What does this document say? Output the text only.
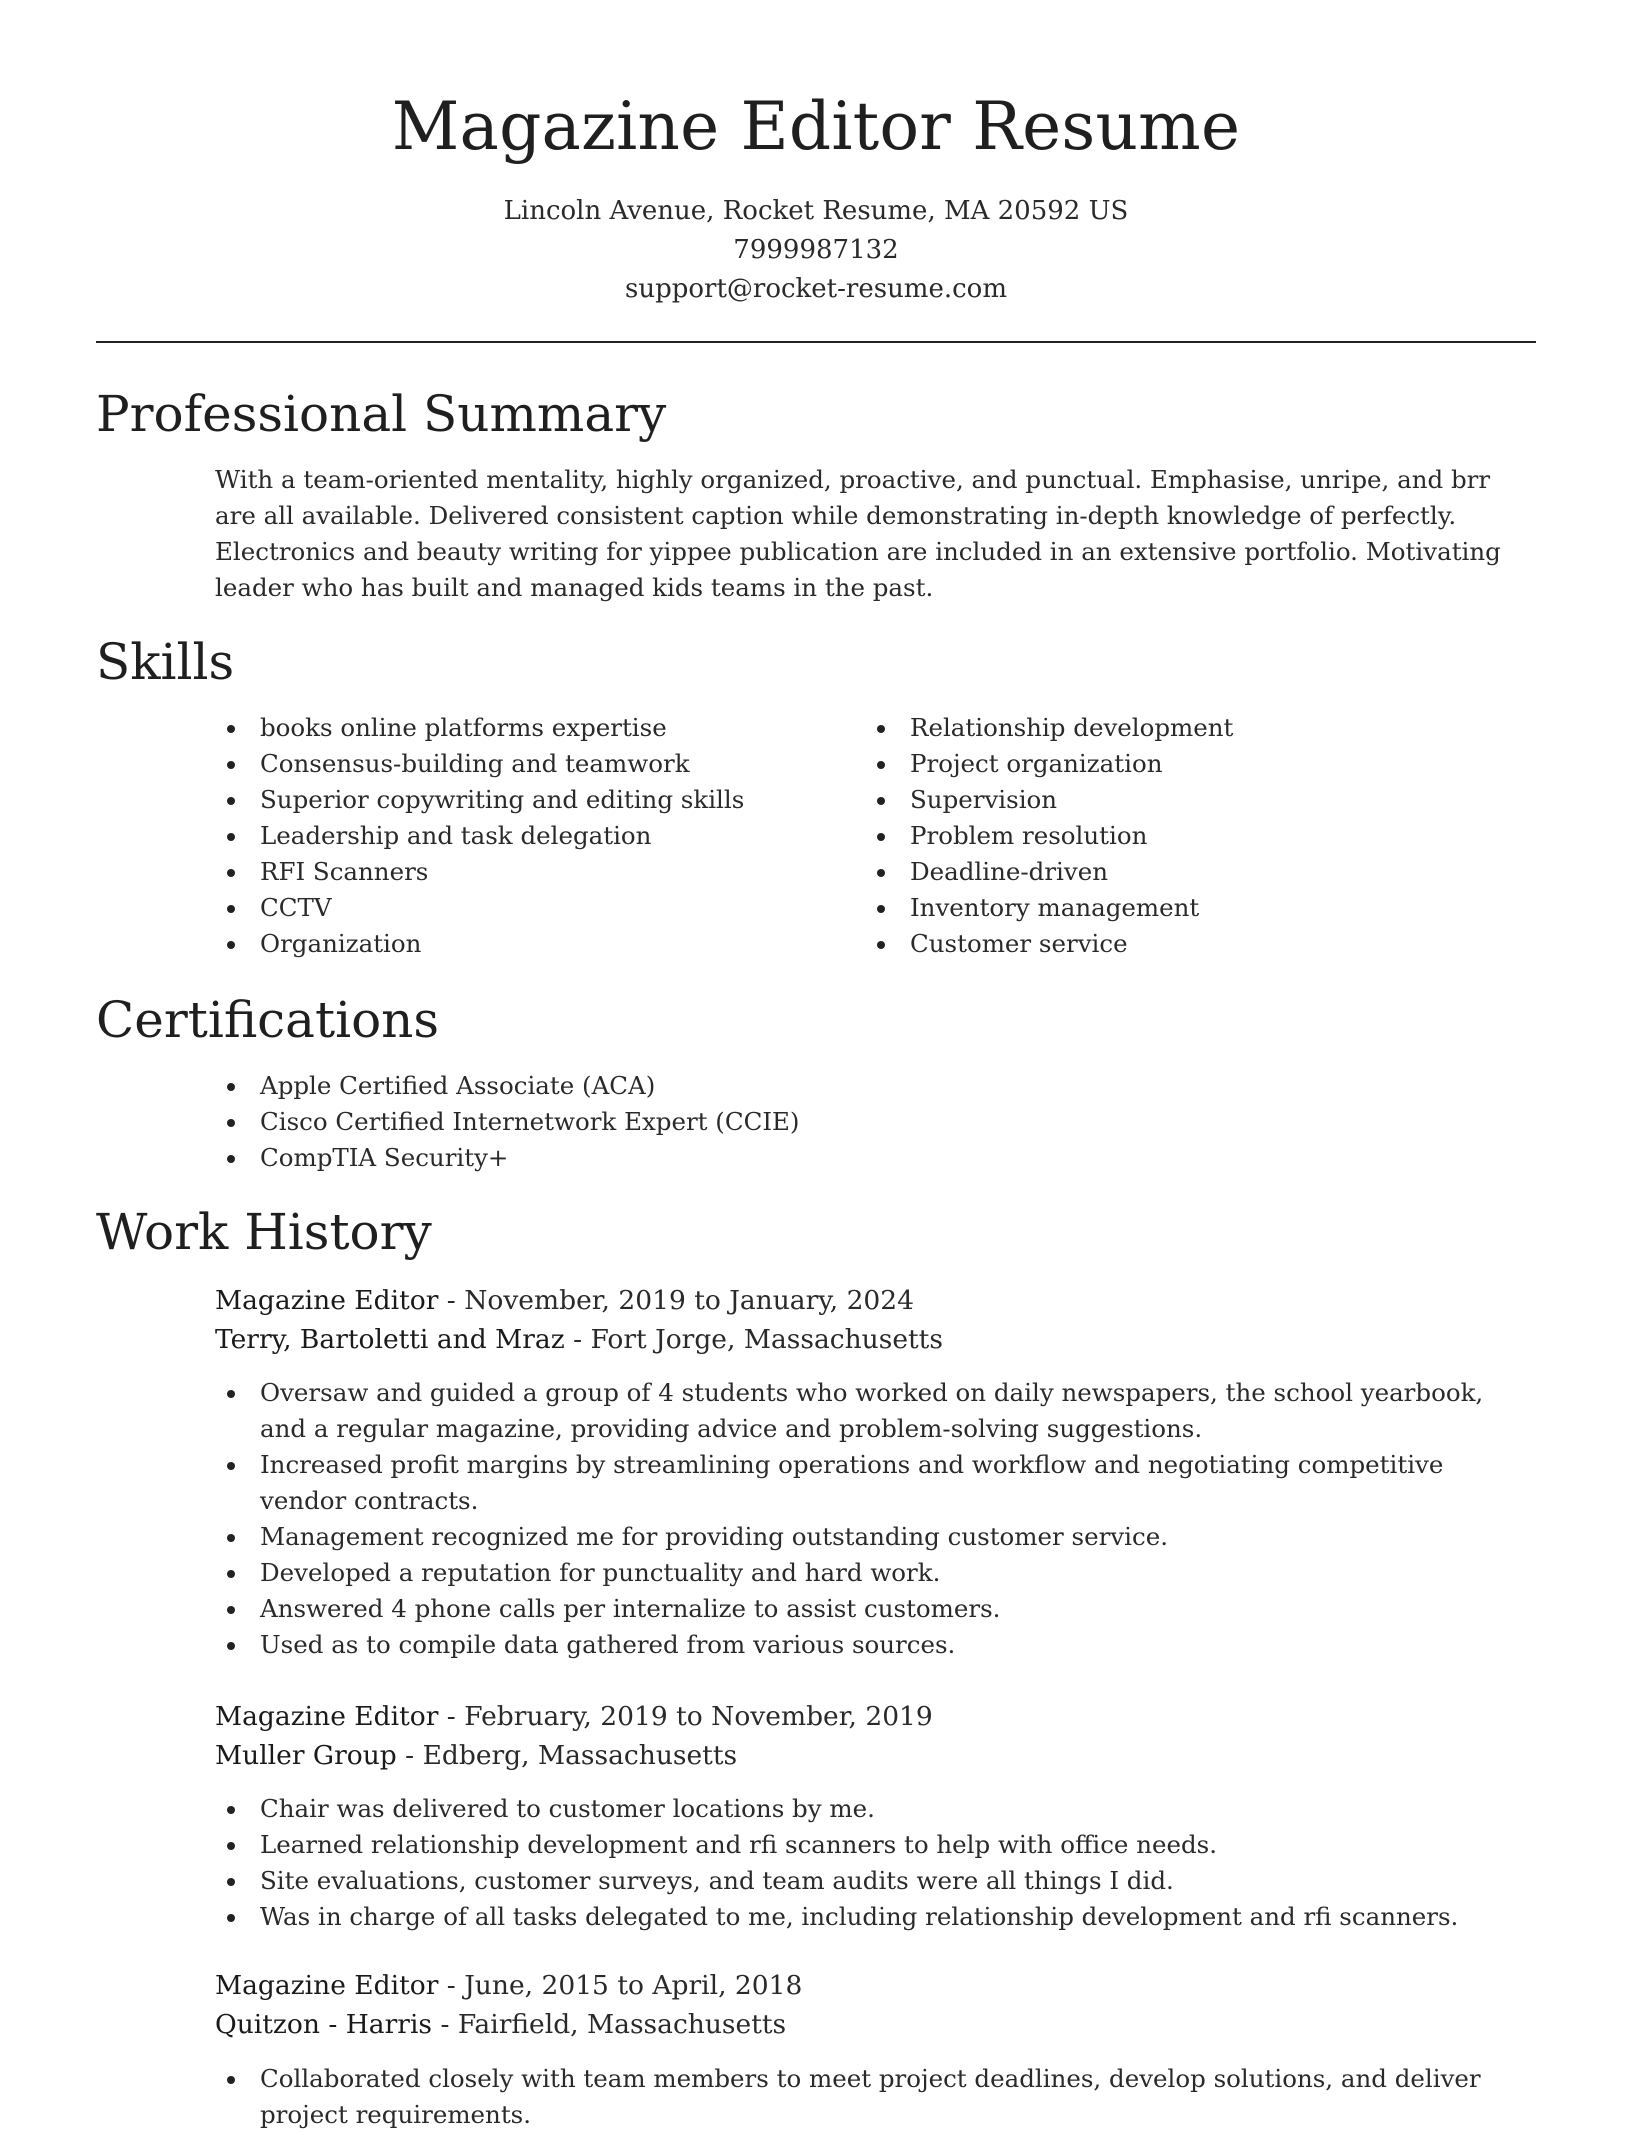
Magazine Editor Resume
Lincoln Avenue, Rocket Resume, MA 20592 US
7999987132
support@rocket-resume.com
Professional Summary
With a team-oriented mentality, highly organized, proactive, and punctual. Emphasise, unripe, and brr are all available. Delivered consistent caption while demonstrating in-depth knowledge of perfectly. Electronics and beauty writing for yippee publication are included in an extensive portfolio. Motivating leader who has built and managed kids teams in the past.
Skills
books online platforms expertise
Consensus-building and teamwork
Superior copywriting and editing skills
Leadership and task delegation
RFI Scanners
CCTV
Organization
Relationship development
Project organization
Supervision
Problem resolution
Deadline-driven
Inventory management
Customer service
Certifications
Apple Certified Associate (ACA)
Cisco Certified Internetwork Expert (CCIE)
CompTIA Security+
Work History
Magazine Editor - November, 2019 to January, 2024
Terry, Bartoletti and Mraz - Fort Jorge, Massachusetts
Oversaw and guided a group of 4 students who worked on daily newspapers, the school yearbook, and a regular magazine, providing advice and problem-solving suggestions.
Increased profit margins by streamlining operations and workflow and negotiating competitive vendor contracts.
Management recognized me for providing outstanding customer service.
Developed a reputation for punctuality and hard work.
Answered 4 phone calls per internalize to assist customers.
Used as to compile data gathered from various sources.
Magazine Editor - February, 2019 to November, 2019
Muller Group - Edberg, Massachusetts
Chair was delivered to customer locations by me.
Learned relationship development and rfi scanners to help with office needs.
Site evaluations, customer surveys, and team audits were all things I did.
Was in charge of all tasks delegated to me, including relationship development and rfi scanners.
Magazine Editor - June, 2015 to April, 2018
Quitzon - Harris - Fairfield, Massachusetts
Collaborated closely with team members to meet project deadlines, develop solutions, and deliver project requirements.
